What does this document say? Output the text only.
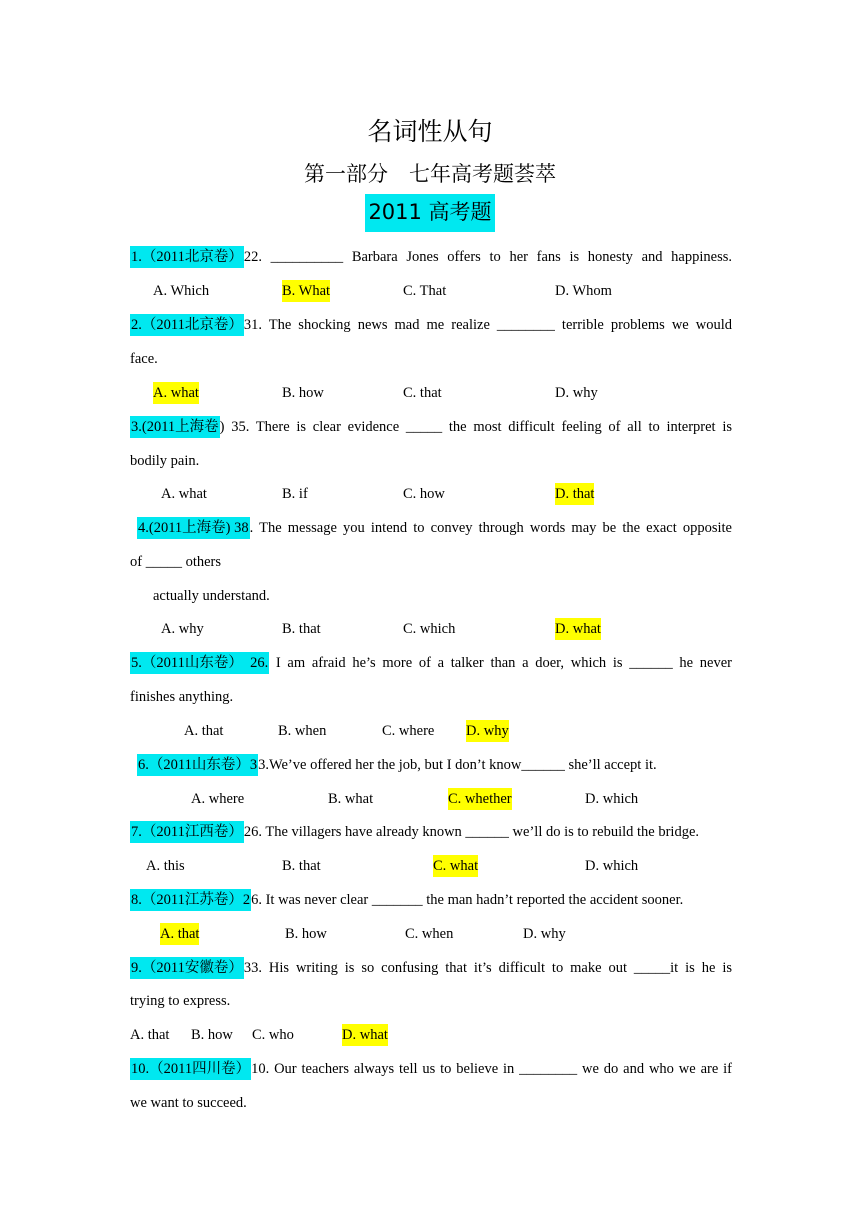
名词性从句
第一部分　七年高考题荟萃
2011 高考题
1.（2011北京卷）22. __________ Barbara Jones offers to her fans is honesty and happiness.
A. Which	B. What	C. That	D. Whom
2.（2011北京卷）31. The shocking news mad me realize ________ terrible problems we would
face.
A. what	B. how	C. that	D. why
3.(2011上海卷) 35. There is clear evidence _____ the most difficult feeling of all to interpret is
bodily pain.
A. what	B. if	C. how	D. that
4.(2011上海卷) 38. The message you intend to convey through words may be the exact opposite
of _____ others
actually understand.
A. why	B. that	C. which	D. what
5.（2011山东卷）　26. I am afraid he’s more of a talker than a doer, which is ______ he never
finishes anything.
A. that	B. when	C. where D. why
6.（2011山东卷）33.We’ve offered her the job, but I don’t know______ she’ll accept it.
A. where	B. what	C. whether	D. which
7.（2011江西卷）26. The villagers have already known ______ we’ll do is to rebuild the bridge.
A. this	B. that	C. what	D. which
8.（2011江苏卷）26. It was never clear _______ the man hadn’t reported the accident sooner.
A. that	B. how	C. when	D. why
9.（2011安徽卷）33. His writing is so confusing that it’s difficult to make out _____it is he is
trying to express.
A. that B. how C. who	D. what
10.（2011四川卷）10. Our teachers always tell us to believe in ________ we do and who we are if
we want to succeed.
